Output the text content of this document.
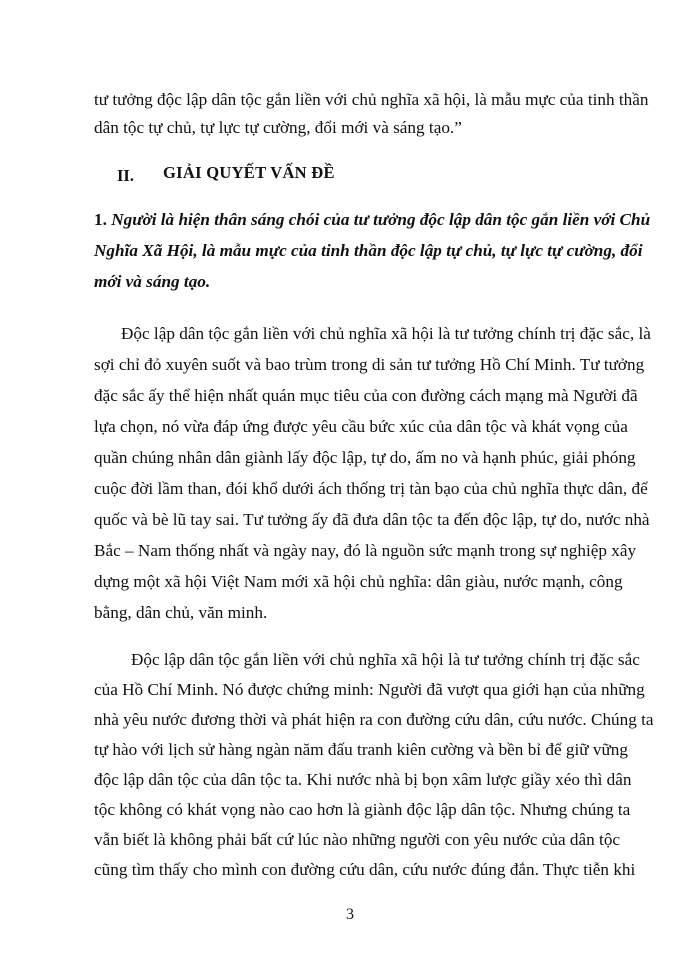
tư tưởng độc lập dân tộc gắn liền với chủ nghĩa xã hội, là mẫu mực của tinh thần
dân tộc tự chủ, tự lực tự cường, đổi mới và sáng tạo.”
II. GIẢI QUYẾT VẤN ĐỀ
1. Người là hiện thân sáng chói của tư tưởng độc lập dân tộc gắn liền với Chủ
Nghĩa Xã Hội, là mẫu mực của tinh thần độc lập tự chủ, tự lực tự cường, đổi
mới và sáng tạo.
Độc lập dân tộc gắn liền với chủ nghĩa xã hội là tư tưởng chính trị đặc sắc, là
sợi chỉ đỏ xuyên suốt và bao trùm trong di sản tư tưởng Hồ Chí Minh. Tư tưởng
đặc sắc ấy thể hiện nhất quán mục tiêu của con đường cách mạng mà Người đã
lựa chọn, nó vừa đáp ứng được yêu cầu bức xúc của dân tộc và khát vọng của
quần chúng nhân dân giành lấy độc lập, tự do, ấm no và hạnh phúc, giải phóng
cuộc đời lầm than, đói khổ dưới ách thống trị tàn bạo của chủ nghĩa thực dân, đế
quốc và bè lũ tay sai. Tư tưởng ấy đã đưa dân tộc ta đến độc lập, tự do, nước nhà
Bắc – Nam thống nhất và ngày nay, đó là nguồn sức mạnh trong sự nghiệp xây
dựng một xã hội Việt Nam mới xã hội chủ nghĩa: dân giàu, nước mạnh, công
bằng, dân chủ, văn minh.
Độc lập dân tộc gắn liền với chủ nghĩa xã hội là tư tưởng chính trị đặc sắc
của Hồ Chí Minh. Nó được chứng minh: Người đã vượt qua giới hạn của những
nhà yêu nước đương thời và phát hiện ra con đường cứu dân, cứu nước. Chúng ta
tự hào với lịch sử hàng ngàn năm đấu tranh kiên cường và bền bỉ để giữ vững
độc lập dân tộc của dân tộc ta. Khi nước nhà bị bọn xâm lược giầy xéo thì dân
tộc không có khát vọng nào cao hơn là giành độc lập dân tộc. Nhưng chúng ta
vẫn biết là không phải bất cứ lúc nào những người con yêu nước của dân tộc
3
cũng tìm thấy cho mình con đường cứu dân, cứu nước đúng đắn. Thực tiễn khi
